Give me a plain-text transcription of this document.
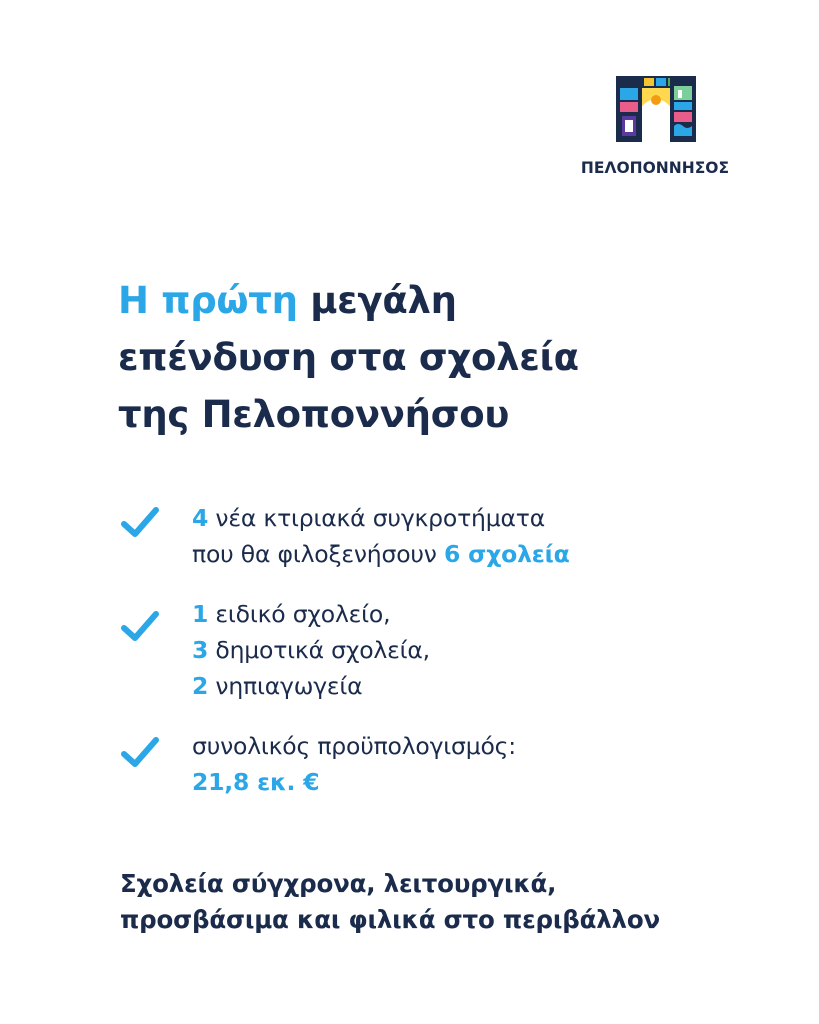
ΠΕΛΟΠΟΝΝΗΣΟΣ
Η πρώτη μεγάλη
επένδυση στα σχολεία
της Πελοποννήσου
4 νέα κτιριακά συγκροτήματα
που θα φιλοξενήσουν 6 σχολεία
1 ειδικό σχολείο,
3 δημοτικά σχολεία,
2 νηπιαγωγεία
συνολικός προϋπολογισμός:
21,8 εκ. €
Σχολεία σύγχρονα, λειτουργικά,
προσβάσιμα και φιλικά στο περιβάλλον
